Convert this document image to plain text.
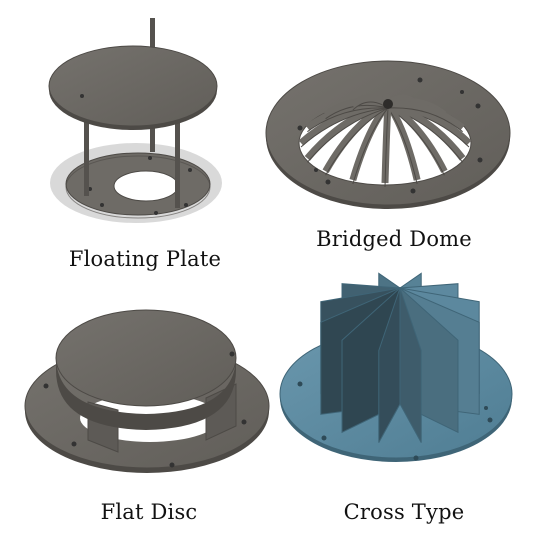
Floating Plate
Bridged Dome
Flat Disc	Cross Type
